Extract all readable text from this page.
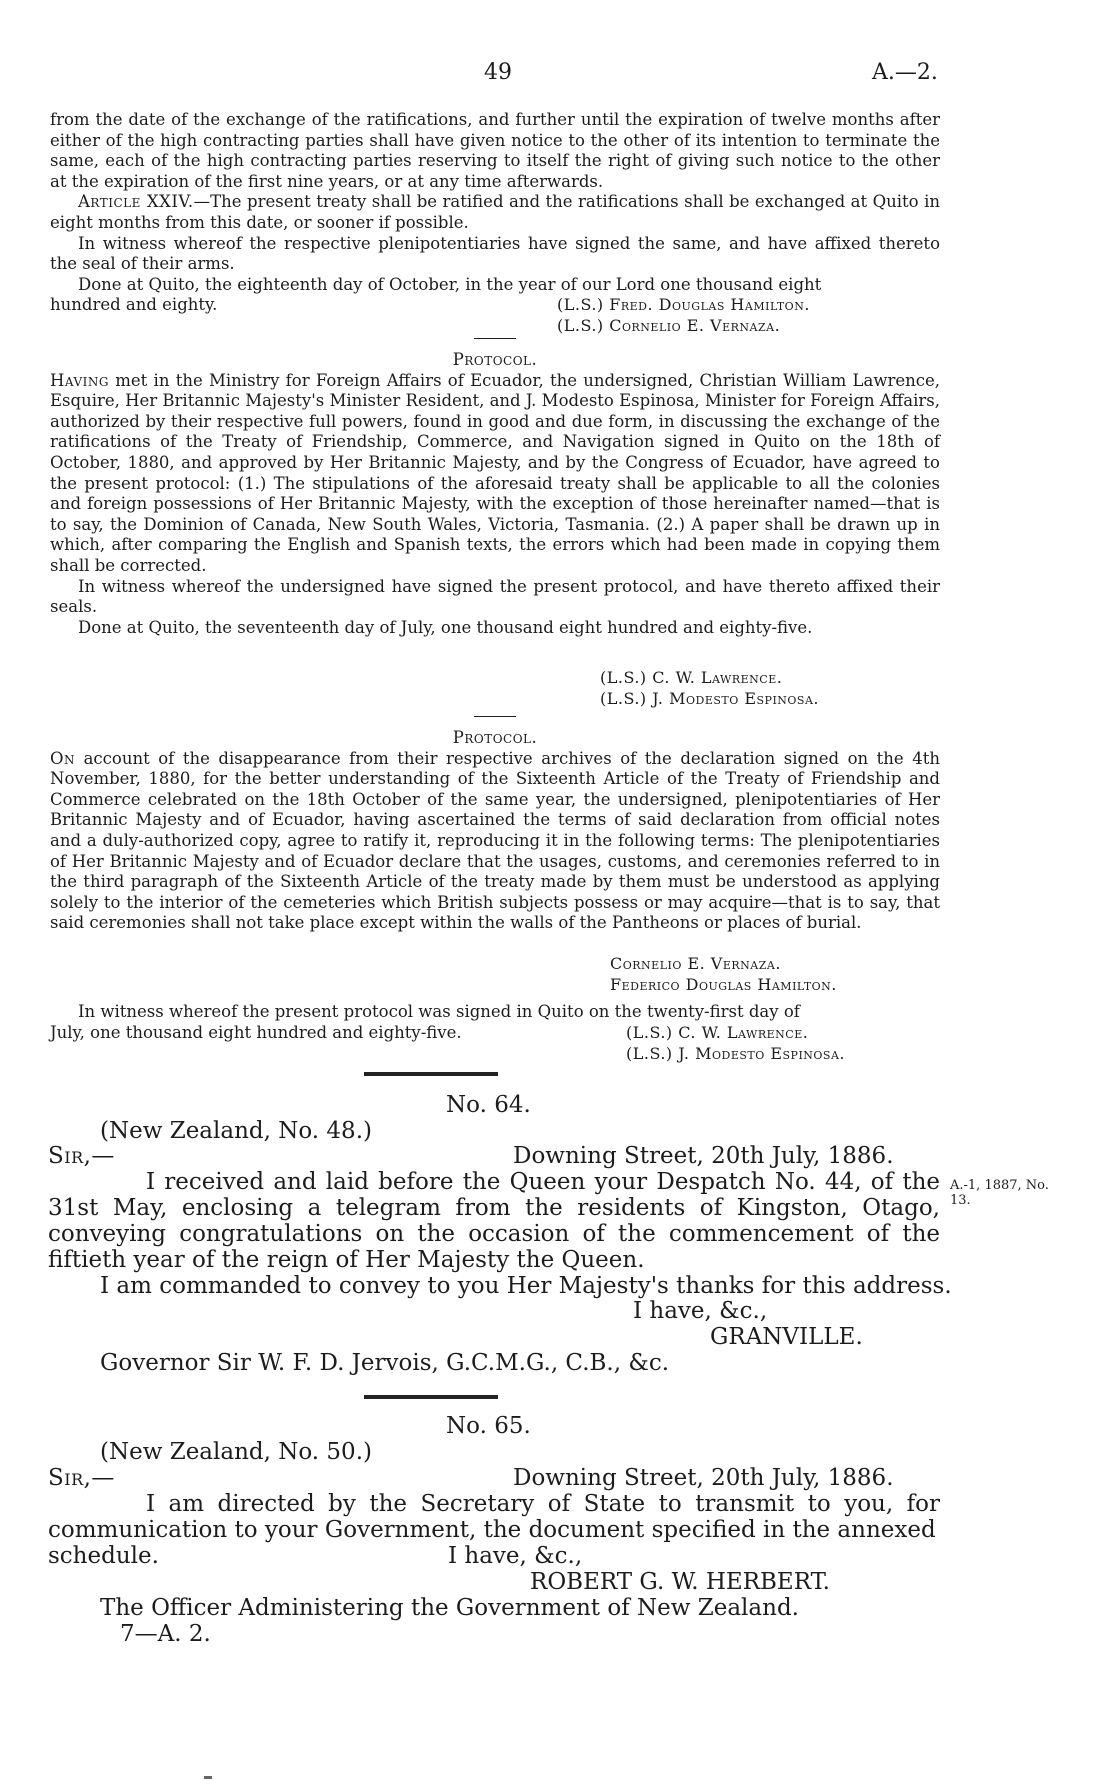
49	A.—2.

from the date of the exchange of the ratifications, and further until the expiration of twelve months after either of the high contracting parties shall have given notice to the other of its intention to terminate the same, each of the high contracting parties reserving to itself the right of giving such notice to the other at the expiration of the first nine years, or at any time afterwards.

Article XXIV.—The present treaty shall be ratified and the ratifications shall be exchanged at Quito in eight months from this date, or sooner if possible.

In witness whereof the respective plenipotentiaries have signed the same, and have affixed thereto the seal of their arms.

Done at Quito, the eighteenth day of October, in the year of our Lord one thousand eight

hundred and eighty.	(L.S.) Fred. Douglas Hamilton.
(L.S.) Cornelio E. Vernaza.

Protocol.

Having met in the Ministry for Foreign Affairs of Ecuador, the undersigned, Christian William Lawrence, Esquire, Her Britannic Majesty's Minister Resident, and J. Modesto Espinosa, Minister for Foreign Affairs, authorized by their respective full powers, found in good and due form, in discussing the exchange of the ratifications of the Treaty of Friendship, Commerce, and Navigation signed in Quito on the 18th of October, 1880, and approved by Her Britannic Majesty, and by the Congress of Ecuador, have agreed to the present protocol: (1.) The stipulations of the aforesaid treaty shall be applicable to all the colonies and foreign possessions of Her Britannic Majesty, with the exception of those hereinafter named—that is to say, the Dominion of Canada, New South Wales, Victoria, Tasmania. (2.) A paper shall be drawn up in which, after comparing the English and Spanish texts, the errors which had been made in copying them shall be corrected.

In witness whereof the undersigned have signed the present protocol, and have thereto affixed their seals.

Done at Quito, the seventeenth day of July, one thousand eight hundred and eighty-five.

(L.S.) C. W. Lawrence.
(L.S.) J. Modesto Espinosa.

Protocol.

On account of the disappearance from their respective archives of the declaration signed on the 4th November, 1880, for the better understanding of the Sixteenth Article of the Treaty of Friendship and Commerce celebrated on the 18th October of the same year, the undersigned, plenipotentiaries of Her Britannic Majesty and of Ecuador, having ascertained the terms of said declaration from official notes and a duly-authorized copy, agree to ratify it, reproducing it in the following terms: The plenipotentiaries of Her Britannic Majesty and of Ecuador declare that the usages, customs, and ceremonies referred to in the third paragraph of the Sixteenth Article of the treaty made by them must be understood as applying solely to the interior of the cemeteries which British subjects possess or may acquire—that is to say, that said ceremonies shall not take place except within the walls of the Pantheons or places of burial.

Cornelio E. Vernaza.
Federico Douglas Hamilton.

In witness whereof the present protocol was signed in Quito on the twenty-first day of

July, one thousand eight hundred and eighty-five.	(L.S.) C. W. Lawrence.
(L.S.) J. Modesto Espinosa.
No. 64.
(New Zealand, No. 48.)
Sir,—	Downing Street, 20th July, 1886.
I received and laid before the Queen your Despatch No. 44, of the 31st May, enclosing a telegram from the residents of Kingston, Otago, conveying congratulations on the occasion of the commencement of the fiftieth year of the reign of Her Majesty the Queen.
I am commanded to convey to you Her Majesty's thanks for this address.
I have, &c.,
GRANVILLE.
Governor Sir W. F. D. Jervois, G.C.M.G., C.B., &c.
A.-1, 1887, No.
13.
No. 65.
(New Zealand, No. 50.)
Sir,—	Downing Street, 20th July, 1886.
I am directed by the Secretary of State to transmit to you, for communication to your Government, the document specified in the annexed
schedule.	I have, &c.,
ROBERT G. W. HERBERT.
The Officer Administering the Government of New Zealand.
7—A. 2.
